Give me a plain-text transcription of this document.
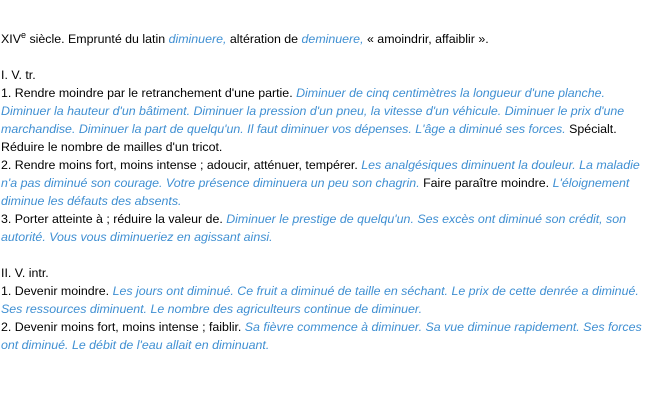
XIVe siècle. Emprunté du latin diminuere, altération de deminuere, « amoindrir, affaiblir ».

I. V. tr.

1. Rendre moindre par le retranchement d'une partie. Diminuer de cinq centimètres la longueur d'une planche. Diminuer la hauteur d'un bâtiment. Diminuer la pression d'un pneu, la vitesse d'un véhicule. Diminuer le prix d'une marchandise. Diminuer la part de quelqu'un. Il faut diminuer vos dépenses. L'âge a diminué ses forces. Spécialt. Réduire le nombre de mailles d'un tricot.

2. Rendre moins fort, moins intense ; adoucir, atténuer, tempérer. Les analgésiques diminuent la douleur. La maladie n'a pas diminué son courage. Votre présence diminuera un peu son chagrin. Faire paraître moindre. L'éloignement diminue les défauts des absents.

3. Porter atteinte à ; réduire la valeur de. Diminuer le prestige de quelqu'un. Ses excès ont diminué son crédit, son autorité. Vous vous diminueriez en agissant ainsi.

II. V. intr.

1. Devenir moindre. Les jours ont diminué. Ce fruit a diminué de taille en séchant. Le prix de cette denrée a diminué. Ses ressources diminuent. Le nombre des agriculteurs continue de diminuer.

2. Devenir moins fort, moins intense ; faiblir. Sa fièvre commence à diminuer. Sa vue diminue rapidement. Ses forces ont diminué. Le débit de l'eau allait en diminuant.
